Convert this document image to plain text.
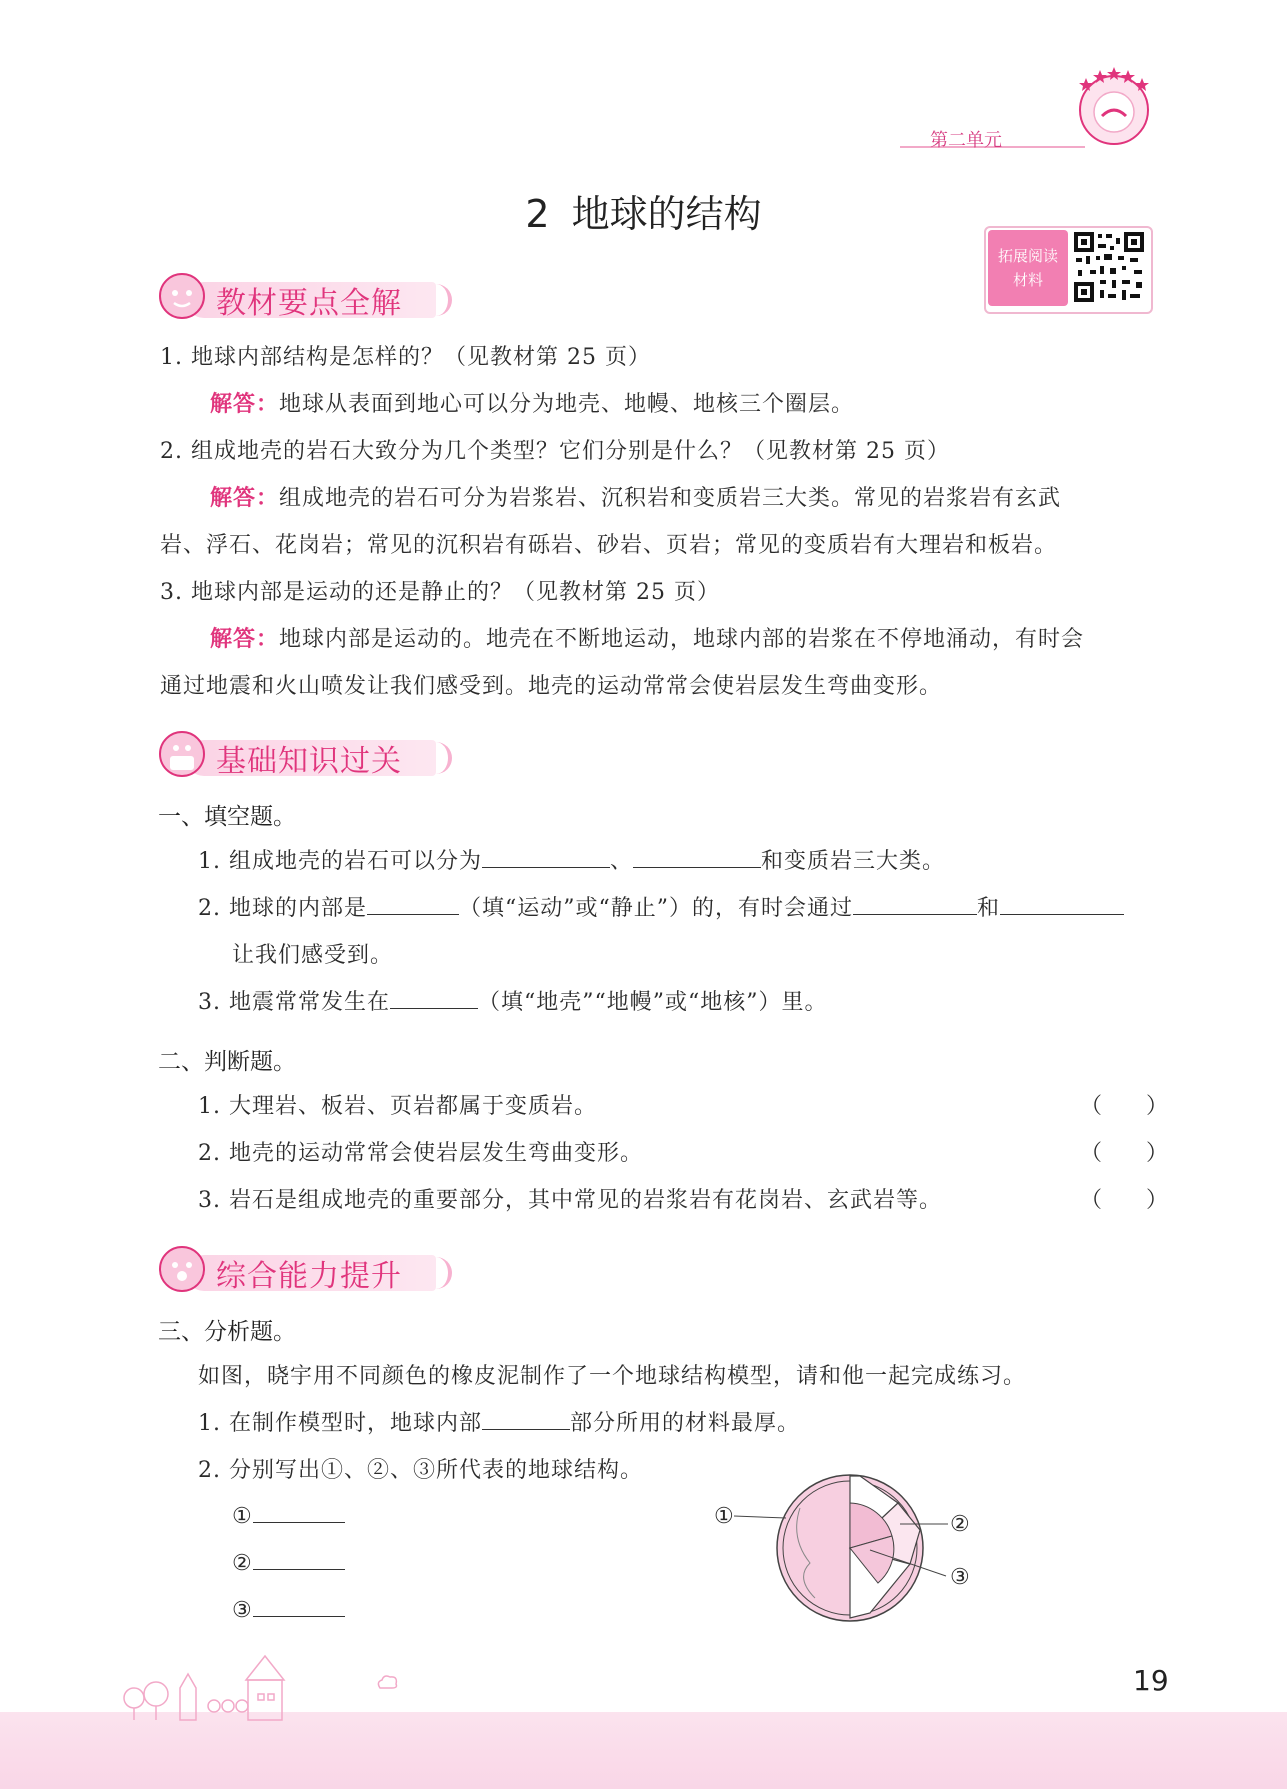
第二单元
2 地球的结构
拓展阅读
材料
教材要点全解
1. 地球内部结构是怎样的？（见教材第 25 页）
解答：地球从表面到地心可以分为地壳、地幔、地核三个圈层。
2. 组成地壳的岩石大致分为几个类型？它们分别是什么？（见教材第 25 页）
解答：组成地壳的岩石可分为岩浆岩、沉积岩和变质岩三大类。常见的岩浆岩有玄武
岩、浮石、花岗岩；常见的沉积岩有砾岩、砂岩、页岩；常见的变质岩有大理岩和板岩。
3. 地球内部是运动的还是静止的？（见教材第 25 页）
解答：地球内部是运动的。地壳在不断地运动，地球内部的岩浆在不停地涌动，有时会
通过地震和火山喷发让我们感受到。地壳的运动常常会使岩层发生弯曲变形。
基础知识过关
一、填空题。
1. 组成地壳的岩石可以分为	、	和变质岩三大类。
2. 地球的内部是	（填“运动”或“静止”）的，有时会通过	和
让我们感受到。
3. 地震常常发生在	（填“地壳”“地幔”或“地核”）里。
二、判断题。
1. 大理岩、板岩、页岩都属于变质岩。	（ ）
2. 地壳的运动常常会使岩层发生弯曲变形。	（ ）
3. 岩石是组成地壳的重要部分，其中常见的岩浆岩有花岗岩、玄武岩等。	（ ）
综合能力提升
三、分析题。
如图，晓宇用不同颜色的橡皮泥制作了一个地球结构模型，请和他一起完成练习。
1. 在制作模型时，地球内部	部分所用的材料最厚。
2. 分别写出①、②、③所代表的地球结构。
①
②
③
①	②
③
19
